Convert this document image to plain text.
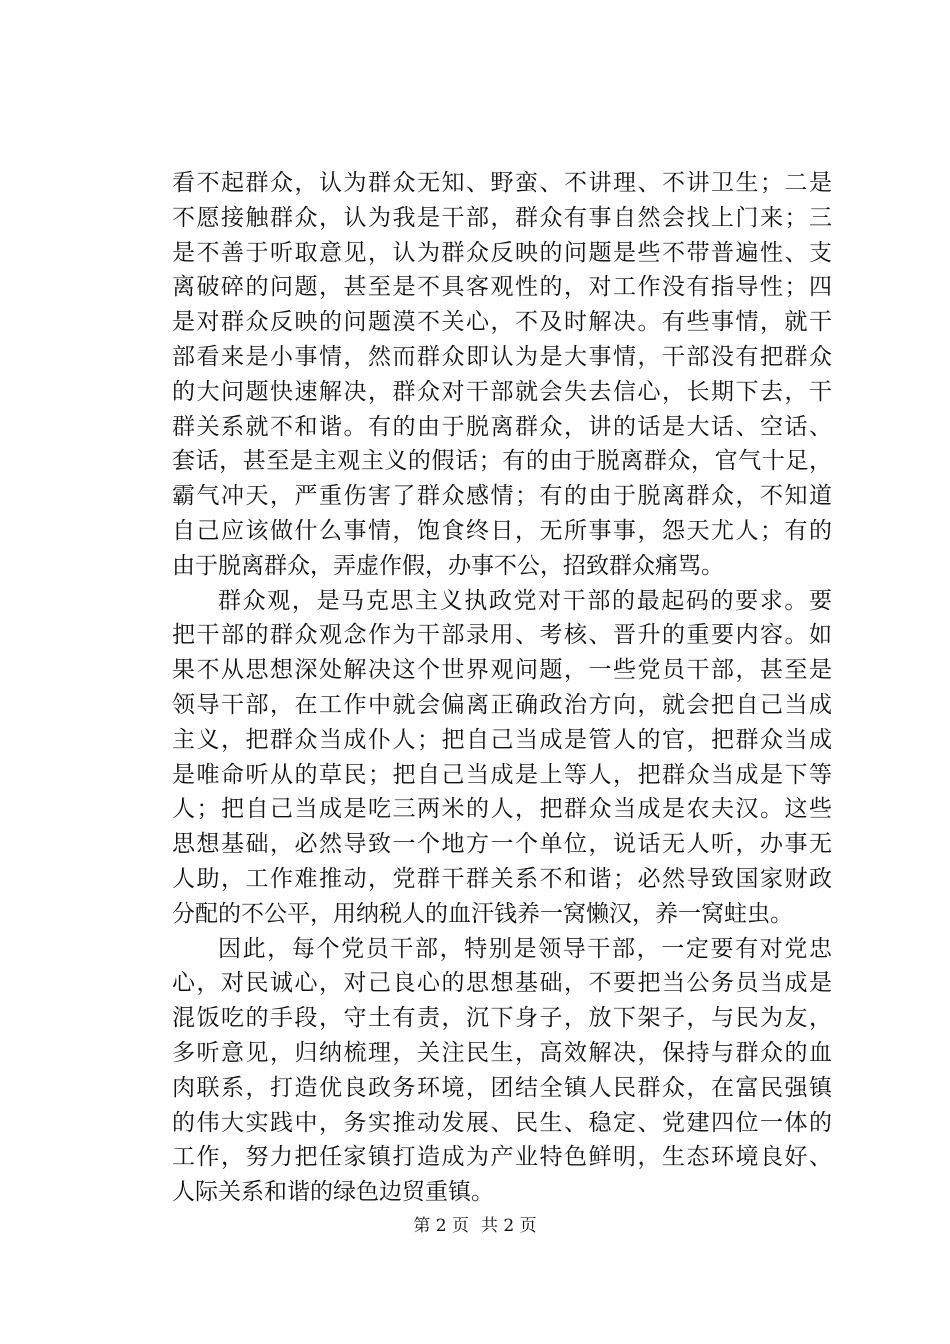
看不起群众，认为群众无知、野蛮、不讲理、不讲卫生；二是
不愿接触群众，认为我是干部，群众有事自然会找上门来；三
是不善于听取意见，认为群众反映的问题是些不带普遍性、支
离破碎的问题，甚至是不具客观性的，对工作没有指导性；四
是对群众反映的问题漠不关心，不及时解决。有些事情，就干
部看来是小事情，然而群众即认为是大事情，干部没有把群众
的大问题快速解决，群众对干部就会失去信心，长期下去，干
群关系就不和谐。有的由于脱离群众，讲的话是大话、空话、
套话，甚至是主观主义的假话；有的由于脱离群众，官气十足，
霸气冲天，严重伤害了群众感情；有的由于脱离群众，不知道
自己应该做什么事情，饱食终日，无所事事，怨天尤人；有的
由于脱离群众，弄虚作假，办事不公，招致群众痛骂。
群众观，是马克思主义执政党对干部的最起码的要求。要
把干部的群众观念作为干部录用、考核、晋升的重要内容。如
果不从思想深处解决这个世界观问题，一些党员干部，甚至是
领导干部，在工作中就会偏离正确政治方向，就会把自己当成
主义，把群众当成仆人；把自己当成是管人的官，把群众当成
是唯命听从的草民；把自己当成是上等人，把群众当成是下等
人；把自己当成是吃三两米的人，把群众当成是农夫汉。这些
思想基础，必然导致一个地方一个单位，说话无人听，办事无
人助，工作难推动，党群干群关系不和谐；必然导致国家财政
分配的不公平，用纳税人的血汗钱养一窝懒汉，养一窝蛀虫。
因此，每个党员干部，特别是领导干部，一定要有对党忠
心，对民诚心，对己良心的思想基础，不要把当公务员当成是
混饭吃的手段，守土有责，沉下身子，放下架子，与民为友，
多听意见，归纳梳理，关注民生，高效解决，保持与群众的血
肉联系，打造优良政务环境，团结全镇人民群众，在富民强镇
的伟大实践中，务实推动发展、民生、稳定、党建四位一体的
工作，努力把任家镇打造成为产业特色鲜明，生态环境良好、
人际关系和谐的绿色边贸重镇。
第 2 页 共 2 页
